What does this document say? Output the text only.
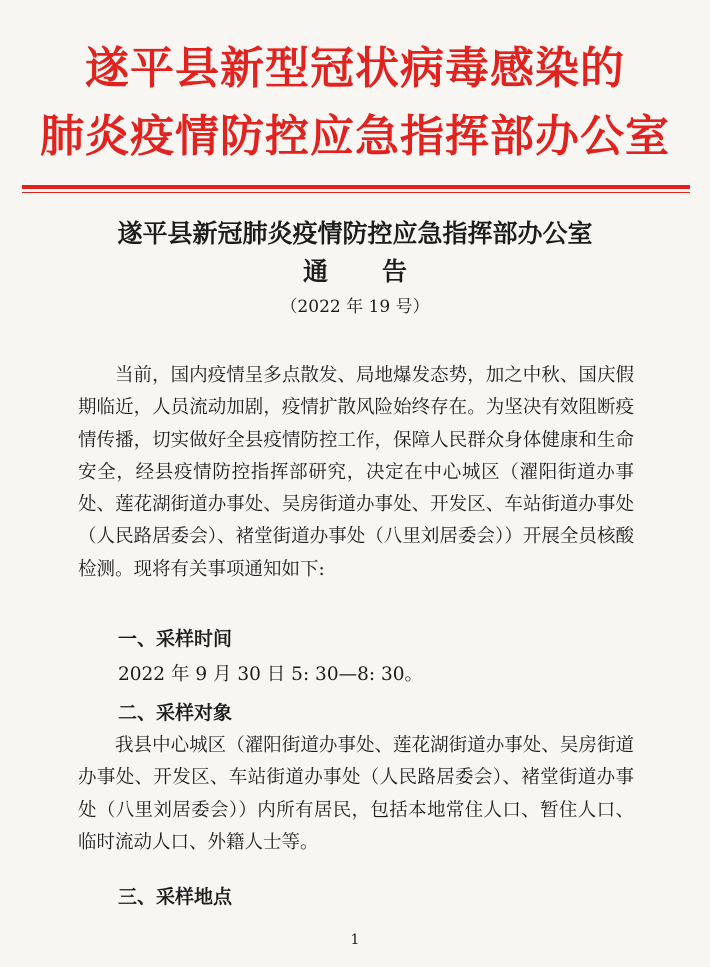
遂平县新型冠状病毒感染的
肺炎疫情防控应急指挥部办公室
遂平县新冠肺炎疫情防控应急指挥部办公室
通告
（2022 年 19 号）

当前，国内疫情呈多点散发、局地爆发态势，加之中秋、国庆假期临近，人员流动加剧，疫情扩散风险始终存在。为坚决有效阻断疫情传播，切实做好全县疫情防控工作，保障人民群众身体健康和生命安全，经县疫情防控指挥部研究，决定在中心城区（濯阳街道办事处、莲花湖街道办事处、吴房街道办事处、开发区、车站街道办事处（人民路居委会）、褚堂街道办事处（八里刘居委会））开展全员核酸检测。现将有关事项通知如下:

一、采样时间
2022 年 9 月 30 日 5: 30—8: 30。
二、采样对象

我县中心城区（濯阳街道办事处、莲花湖街道办事处、吴房街道办事处、开发区、车站街道办事处（人民路居委会）、褚堂街道办事处（八里刘居委会））内所有居民，包括本地常住人口、暂住人口、临时流动人口、外籍人士等。

三、采样地点
1
